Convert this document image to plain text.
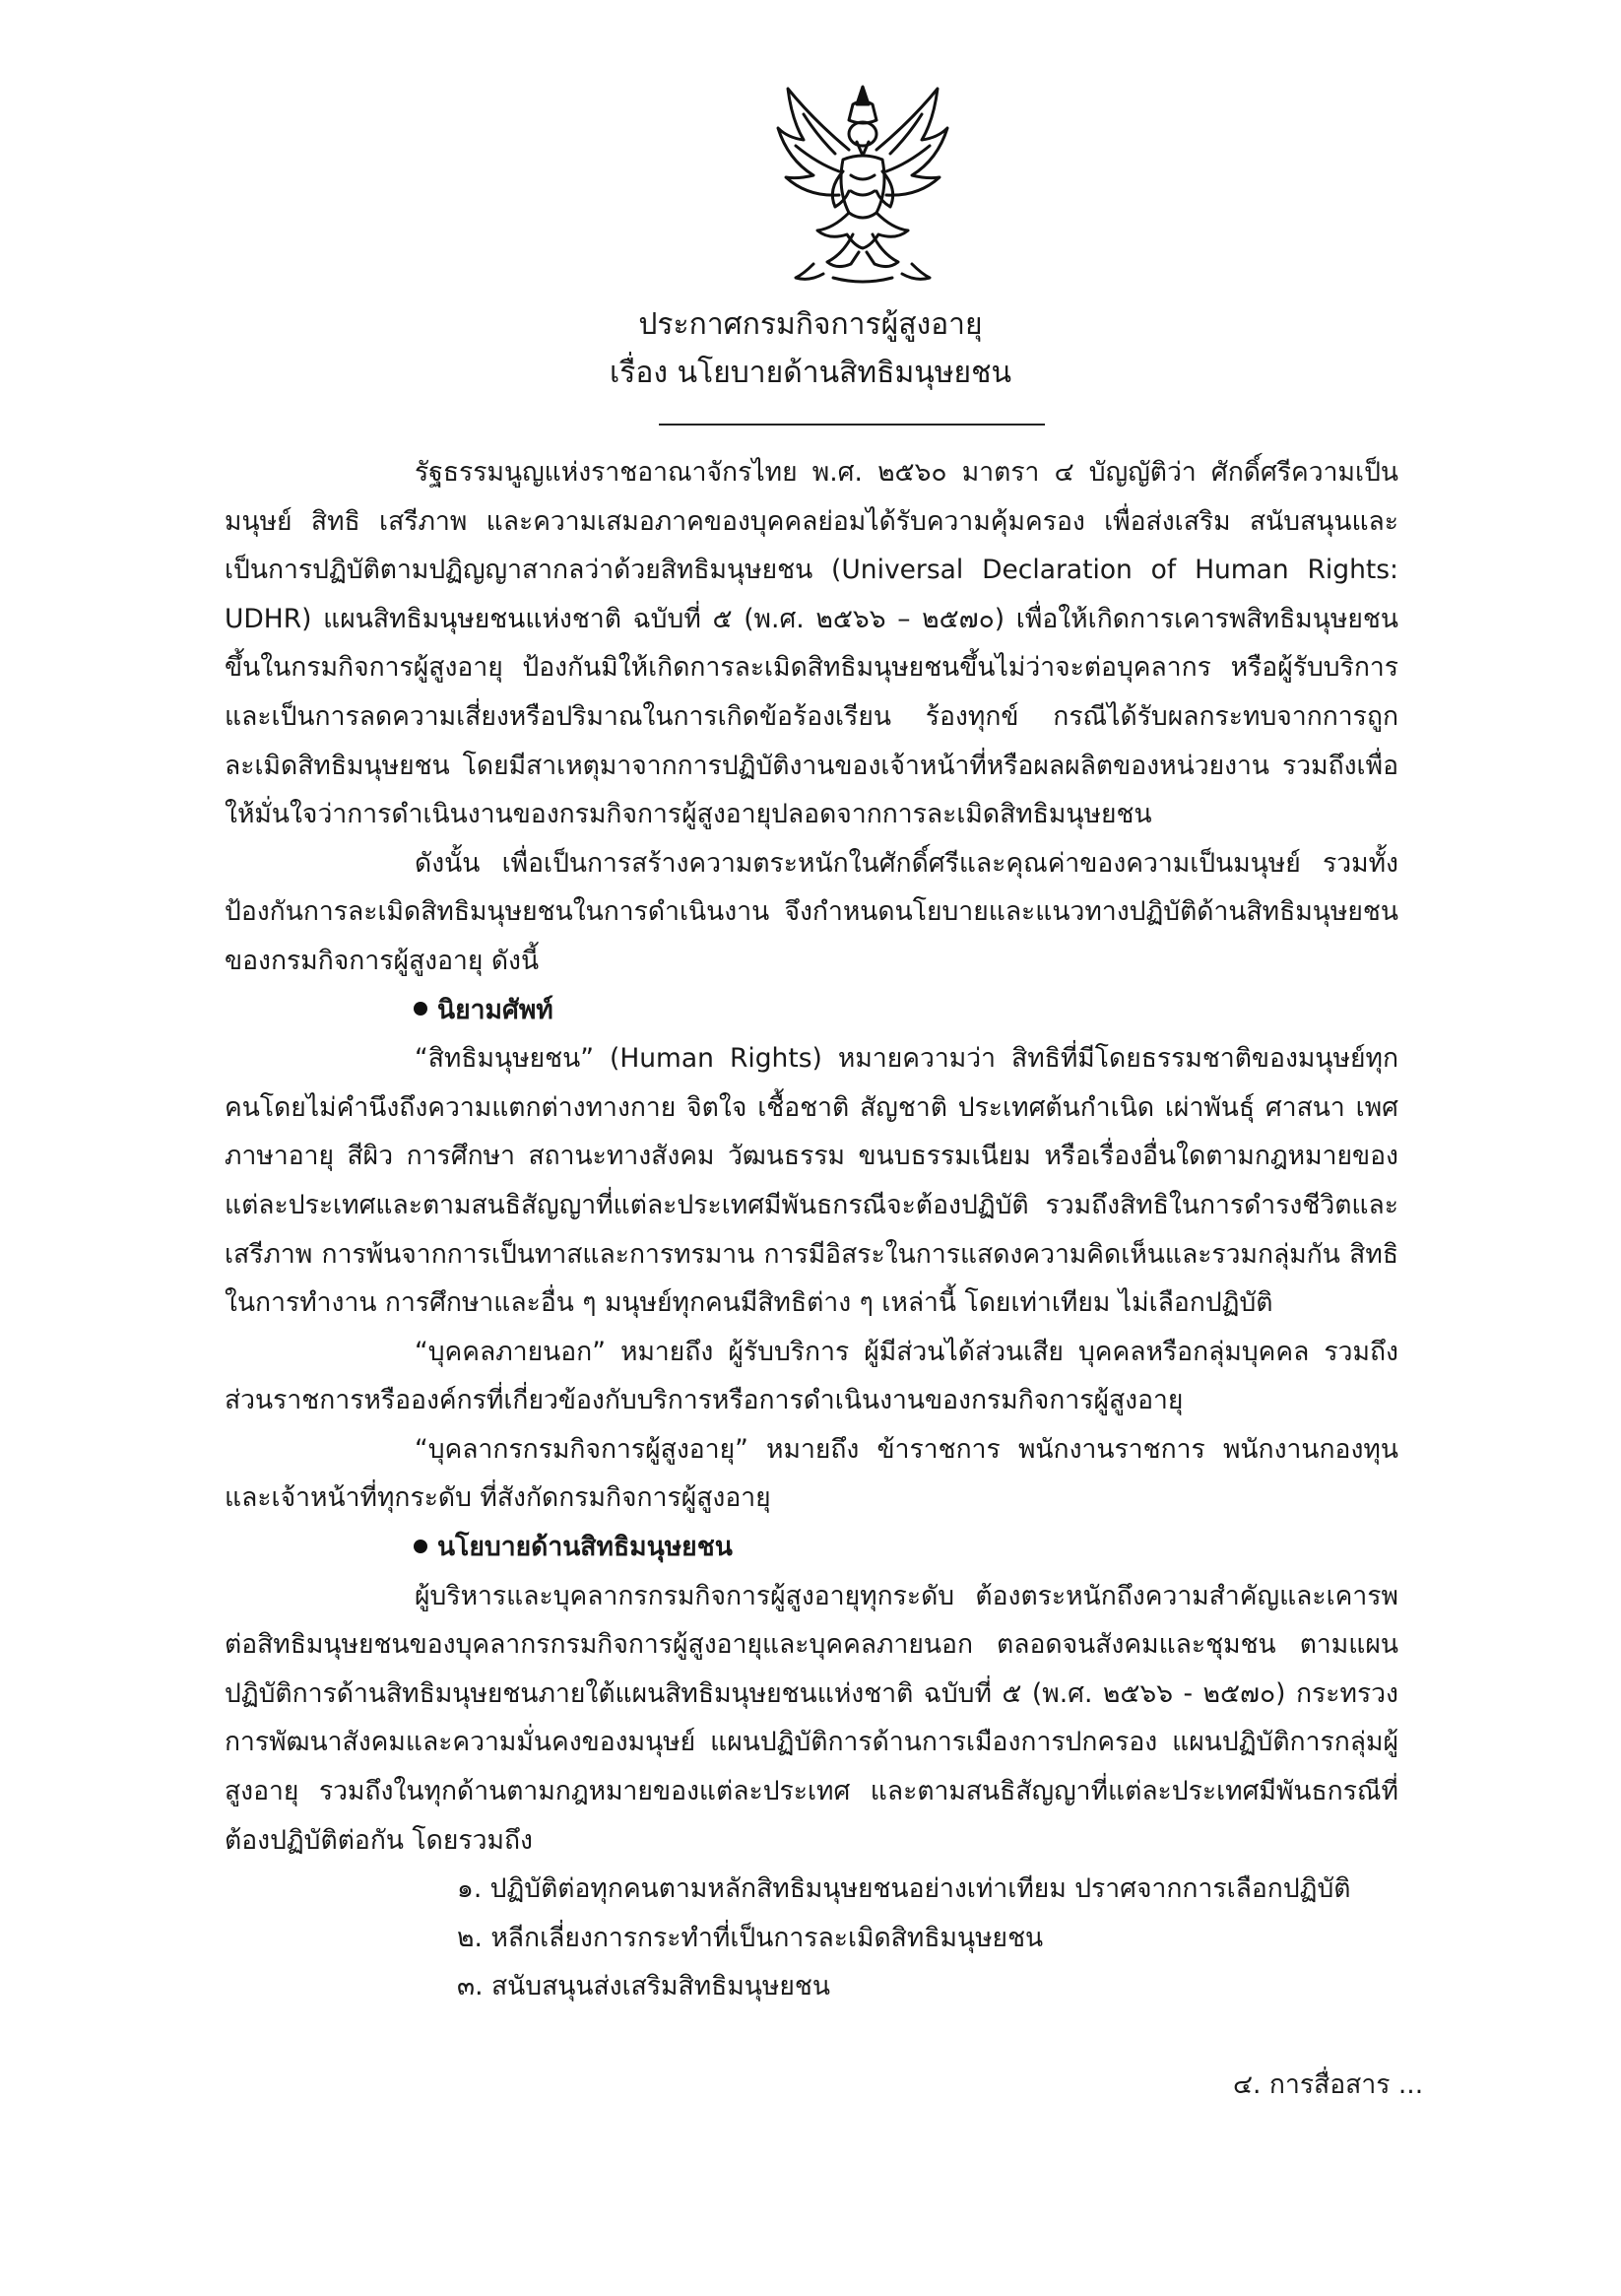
ประกาศกรมกิจการผู้สูงอายุ
เรื่อง นโยบายด้านสิทธิมนุษยชน

รัฐธรรมนูญแห่งราชอาณาจักรไทย พ.ศ. ๒๕๖๐ มาตรา ๔ บัญญัติว่า ศักดิ์ศรีความเป็นมนุษย์ สิทธิ เสรีภาพ และความเสมอภาคของบุคคลย่อมได้รับความคุ้มครอง เพื่อส่งเสริม สนับสนุนและเป็นการปฏิบัติตามปฏิญญาสากลว่าด้วยสิทธิมนุษยชน (Universal Declaration of Human Rights: UDHR) แผนสิทธิมนุษยชนแห่งชาติ ฉบับที่ ๕ (พ.ศ. ๒๕๖๖ – ๒๕๗๐) เพื่อให้เกิดการเคารพสิทธิมนุษยชนขึ้นในกรมกิจการผู้สูงอายุ ป้องกันมิให้เกิดการละเมิดสิทธิมนุษยชนขึ้นไม่ว่าจะต่อบุคลากร หรือผู้รับบริการ และเป็นการลดความเสี่ยงหรือปริมาณในการเกิดข้อร้องเรียน ร้องทุกข์ กรณีได้รับผลกระทบจากการถูกละเมิดสิทธิมนุษยชน โดยมีสาเหตุมาจากการปฏิบัติงานของเจ้าหน้าที่หรือผลผลิตของหน่วยงาน รวมถึงเพื่อให้มั่นใจว่าการดำเนินงานของกรมกิจการผู้สูงอายุปลอดจากการละเมิดสิทธิมนุษยชน

ดังนั้น เพื่อเป็นการสร้างความตระหนักในศักดิ์ศรีและคุณค่าของความเป็นมนุษย์ รวมทั้งป้องกันการละเมิดสิทธิมนุษยชนในการดำเนินงาน จึงกำหนดนโยบายและแนวทางปฏิบัติด้านสิทธิมนุษยชนของกรมกิจการผู้สูงอายุ ดังนี้

นิยามศัพท์

“สิทธิมนุษยชน” (Human Rights) หมายความว่า สิทธิที่มีโดยธรรมชาติของมนุษย์ทุกคนโดยไม่คำนึงถึงความแตกต่างทางกาย จิตใจ เชื้อชาติ สัญชาติ ประเทศต้นกำเนิด เผ่าพันธุ์ ศาสนา เพศ ภาษาอายุ สีผิว การศึกษา สถานะทางสังคม วัฒนธรรม ขนบธรรมเนียม หรือเรื่องอื่นใดตามกฎหมายของแต่ละประเทศและตามสนธิสัญญาที่แต่ละประเทศมีพันธกรณีจะต้องปฏิบัติ รวมถึงสิทธิในการดำรงชีวิตและเสรีภาพ การพ้นจากการเป็นทาสและการทรมาน การมีอิสระในการแสดงความคิดเห็นและรวมกลุ่มกัน สิทธิในการทำงาน การศึกษาและอื่น ๆ มนุษย์ทุกคนมีสิทธิต่าง ๆ เหล่านี้ โดยเท่าเทียม ไม่เลือกปฏิบัติ

“บุคคลภายนอก” หมายถึง ผู้รับบริการ ผู้มีส่วนได้ส่วนเสีย บุคคลหรือกลุ่มบุคคล รวมถึงส่วนราชการหรือองค์กรที่เกี่ยวข้องกับบริการหรือการดำเนินงานของกรมกิจการผู้สูงอายุ

“บุคลากรกรมกิจการผู้สูงอายุ” หมายถึง ข้าราชการ พนักงานราชการ พนักงานกองทุนและเจ้าหน้าที่ทุกระดับ ที่สังกัดกรมกิจการผู้สูงอายุ

นโยบายด้านสิทธิมนุษยชน

ผู้บริหารและบุคลากรกรมกิจการผู้สูงอายุทุกระดับ ต้องตระหนักถึงความสำคัญและเคารพต่อสิทธิมนุษยชนของบุคลากรกรมกิจการผู้สูงอายุและบุคคลภายนอก ตลอดจนสังคมและชุมชน ตามแผนปฏิบัติการด้านสิทธิมนุษยชนภายใต้แผนสิทธิมนุษยชนแห่งชาติ ฉบับที่ ๕ (พ.ศ. ๒๕๖๖ - ๒๕๗๐) กระทรวงการพัฒนาสังคมและความมั่นคงของมนุษย์ แผนปฏิบัติการด้านการเมืองการปกครอง แผนปฏิบัติการกลุ่มผู้สูงอายุ รวมถึงในทุกด้านตามกฎหมายของแต่ละประเทศ และตามสนธิสัญญาที่แต่ละประเทศมีพันธกรณีที่ต้องปฏิบัติต่อกัน โดยรวมถึง

๑. ปฏิบัติต่อทุกคนตามหลักสิทธิมนุษยชนอย่างเท่าเทียม ปราศจากการเลือกปฏิบัติ

๒. หลีกเลี่ยงการกระทำที่เป็นการละเมิดสิทธิมนุษยชน

๓. สนับสนุนส่งเสริมสิทธิมนุษยชน

๔. การสื่อสาร ...
